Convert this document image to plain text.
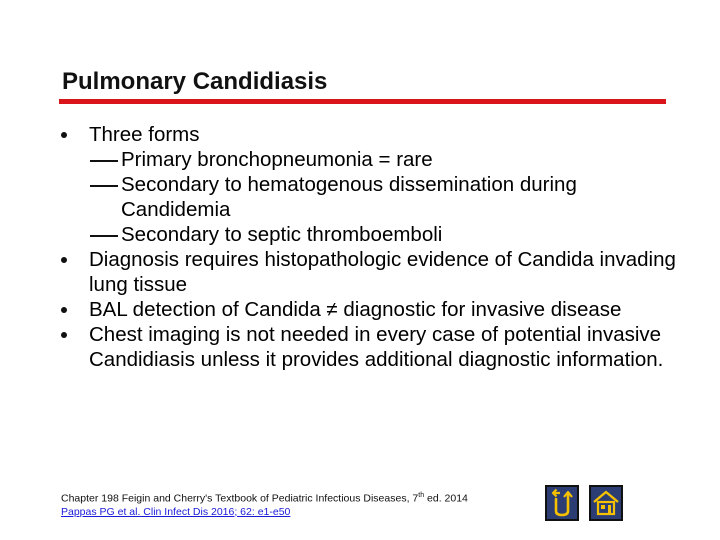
Pulmonary Candidiasis
Three forms
Primary bronchopneumonia = rare
Secondary to hematogenous dissemination during Candidemia
Secondary to septic thromboemboli
Diagnosis requires histopathologic evidence of Candida invading lung tissue
BAL detection of Candida ≠ diagnostic for invasive disease
Chest imaging is not needed in every case of potential invasive Candidiasis unless it provides additional diagnostic information.
Chapter 198 Feigin and Cherry's Textbook of Pediatric Infectious Diseases, 7th ed. 2014
Pappas PG et al. Clin Infect Dis 2016; 62: e1-e50
